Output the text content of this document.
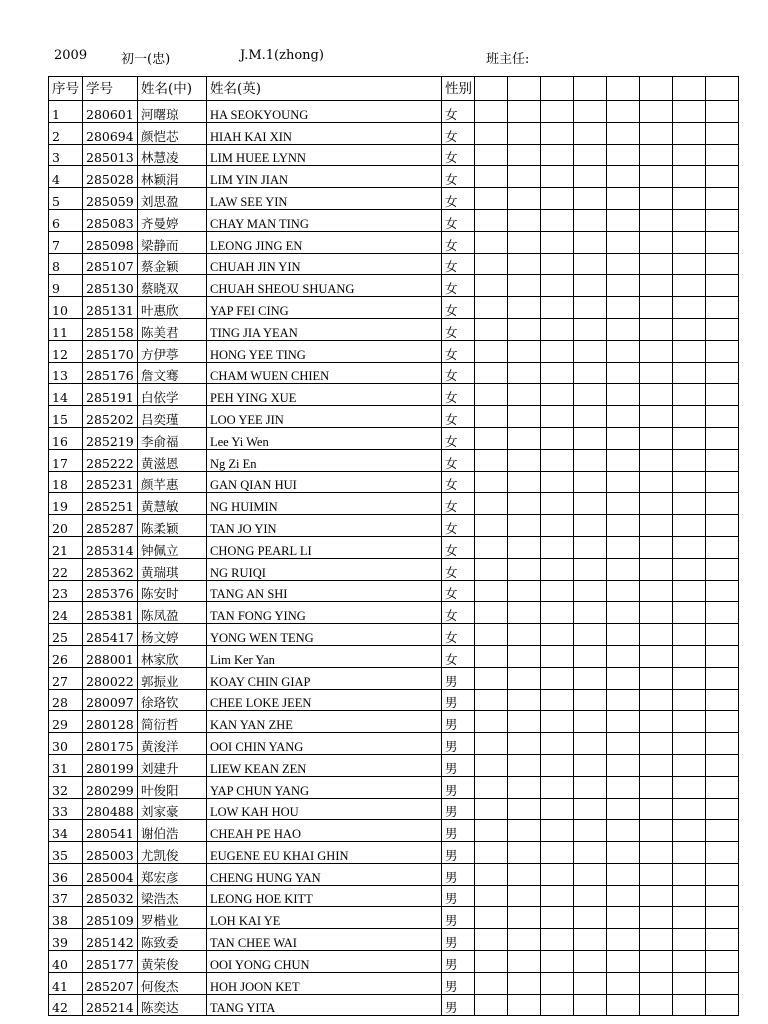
2009	初一(忠)	J.M.1(zhong)	班主任:
序号	学号	姓名(中)	姓名(英)	性别								
1	280601	河曙琼	HA SEOKYOUNG	女								
2	280694	颜恺芯	HIAH KAI XIN	女								
3	285013	林慧凌	LIM HUEE LYNN	女								
4	285028	林颖涓	LIM YIN JIAN	女								
5	285059	刘思盈	LAW SEE YIN	女								
6	285083	齐曼婷	CHAY MAN TING	女								
7	285098	梁静而	LEONG JING EN	女								
8	285107	蔡金颖	CHUAH JIN YIN	女								
9	285130	蔡晓双	CHUAH SHEOU SHUANG	女								
10	285131	叶惠欣	YAP FEI CING	女								
11	285158	陈美君	TING JIA YEAN	女								
12	285170	方伊葶	HONG YEE TING	女								
13	285176	詹文骞	CHAM WUEN CHIEN	女								
14	285191	白依学	PEH YING XUE	女								
15	285202	吕奕瑾	LOO YEE JIN	女								
16	285219	李俞福	Lee Yi Wen	女								
17	285222	黄滋恩	Ng Zi En	女								
18	285231	颜芊惠	GAN QIAN HUI	女								
19	285251	黄慧敏	NG HUIMIN	女								
20	285287	陈柔颖	TAN JO YIN	女								
21	285314	钟佩立	CHONG PEARL LI	女								
22	285362	黄瑞琪	NG RUIQI	女								
23	285376	陈安时	TANG AN SHI	女								
24	285381	陈凤盈	TAN FONG YING	女								
25	285417	杨文婷	YONG WEN TENG	女								
26	288001	林家欣	Lim Ker Yan	女								
27	280022	郭振业	KOAY CHIN GIAP	男								
28	280097	徐珞钦	CHEE LOKE JEEN	男								
29	280128	简衍哲	KAN YAN ZHE	男								
30	280175	黄浚洋	OOI CHIN YANG	男								
31	280199	刘建升	LIEW KEAN ZEN	男								
32	280299	叶俊阳	YAP CHUN YANG	男								
33	280488	刘家豪	LOW KAH HOU	男								
34	280541	谢伯浩	CHEAH PE HAO	男								
35	285003	尤凯俊	EUGENE EU KHAI GHIN	男								
36	285004	郑宏彦	CHENG HUNG YAN	男								
37	285032	梁浩杰	LEONG HOE KITT	男								
38	285109	罗楷业	LOH KAI YE	男								
39	285142	陈致委	TAN CHEE WAI	男								
40	285177	黄荣俊	OOI YONG CHUN	男								
41	285207	何俊杰	HOH JOON KET	男								
42	285214	陈奕达	TANG YITA	男								
